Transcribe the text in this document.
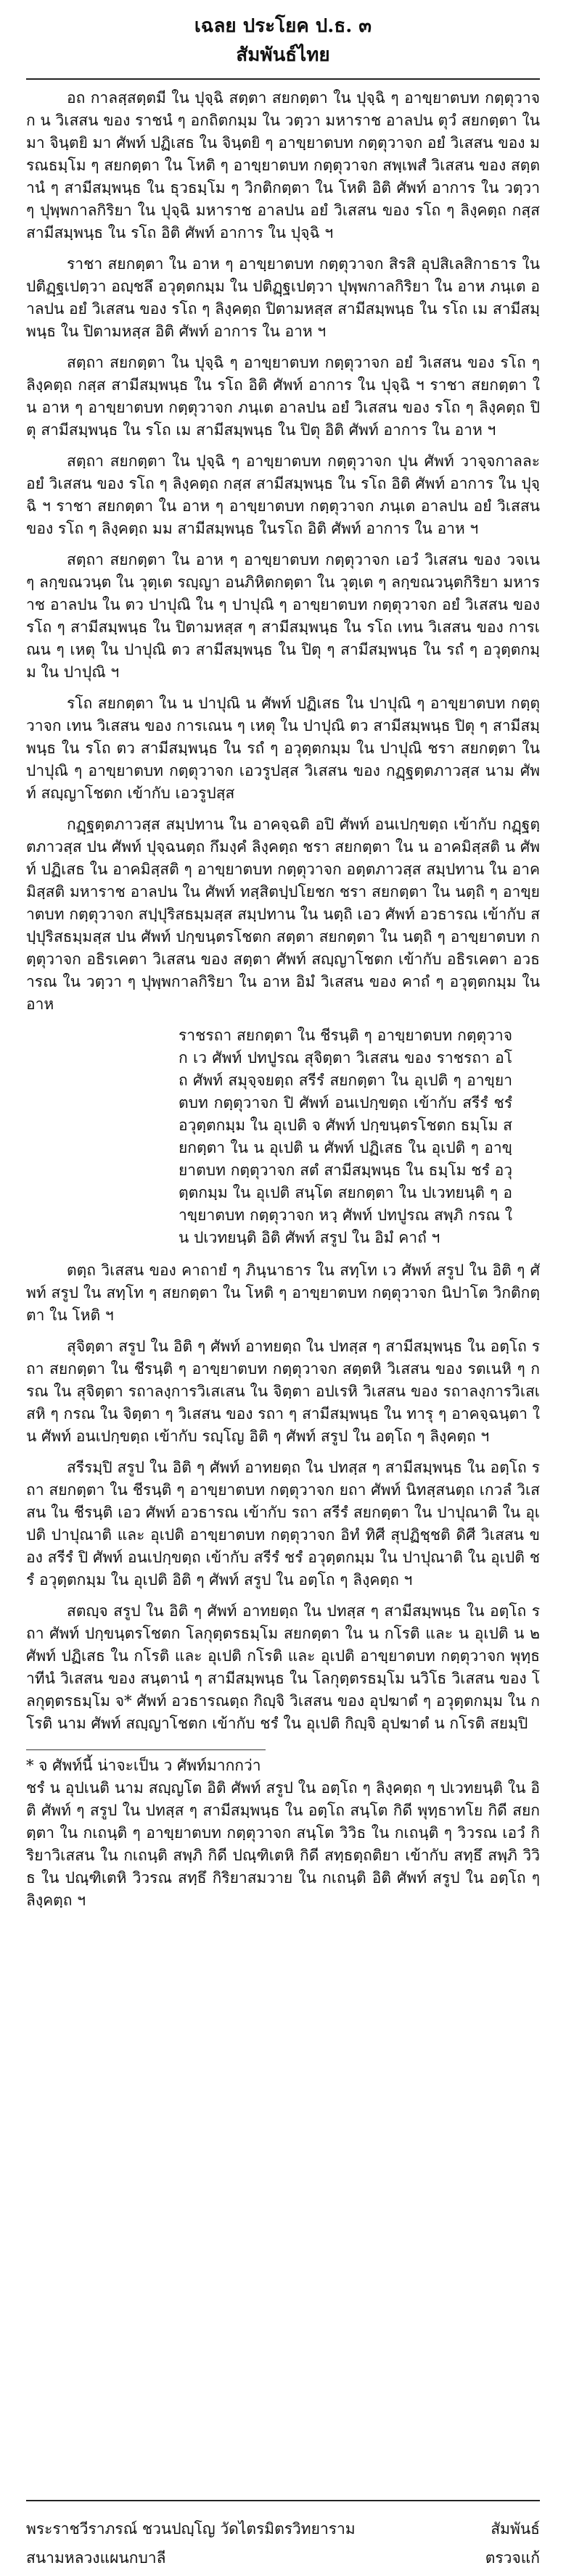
เฉลย ประโยค ป.ธ. ๓
สัมพันธ์ไทย

อถ กาลสฺสตฺตมี ใน ปุจฺฉิ สตฺตา สยกตฺตา ใน ปุจฺฉิ ๆ อาขฺยาตบท กตฺตุวาจก น วิเสสน ของ ราชนํ ๆ อกถิตกมฺม ใน วตฺวา มหาราช อาลปน ตุวํ สยกตฺตา ใน มา จินฺตยิ มา ศัพท์ ปฏิเสธ ใน จินฺตยิ ๆ อาขฺยาตบท กตฺตุวาจก อยํ วิเสสน ของ มรณธมฺโม ๆ สยกตฺตา ใน โหติ ๆ อาขฺยาตบท กตฺตุวาจก สพฺเพสํ วิเสสน ของ สตฺตานํ ๆ สามีสมฺพนฺธ ใน ธุวธมฺโม ๆ วิกติกตฺตา ใน โหติ อิติ ศัพท์ อาการ ใน วตฺวา ๆ ปุพฺพกาลกิริยา ใน ปุจฺฉิ มหาราช อาลปน อยํ วิเสสน ของ รโถ ๆ ลิงฺคตฺถ กสฺส สามีสมฺพนฺธ ใน รโถ อิติ ศัพท์ อาการ ใน ปุจฺฉิ ฯ

ราชา สยกตฺตา ใน อาห ๆ อาขฺยาตบท กตฺตุวาจก สิรสิ อุปสิเลสิกาธาร ใน ปติฏฺฐเปตฺวา อญฺชลึ อวุตฺตกมฺม ใน ปติฏฺฐเปตฺวา ปุพฺพกาลกิริยา ใน อาห ภนฺเต อาลปน อยํ วิเสสน ของ รโถ ๆ ลิงฺคตฺถ ปิตามหสฺส สามีสมฺพนฺธ ใน รโถ เม สามีสมฺพนฺธ ใน ปิตามหสฺส อิติ ศัพท์ อาการ ใน อาห ฯ

สตฺถา สยกตฺตา ใน ปุจฺฉิ ๆ อาขฺยาตบท กตฺตุวาจก อยํ วิเสสน ของ รโถ ๆ ลิงฺคตฺถ กสฺส สามีสมฺพนฺธ ใน รโถ อิติ ศัพท์ อาการ ใน ปุจฺฉิ ฯ ราชา สยกตฺตา ใน อาห ๆ อาขฺยาตบท กตฺตุวาจก ภนฺเต อาลปน อยํ วิเสสน ของ รโถ ๆ ลิงฺคตฺถ ปิตุ สามีสมฺพนฺธ ใน รโถ เม สามีสมฺพนฺธ ใน ปิตุ อิติ ศัพท์ อาการ ใน อาห ฯ

สตฺถา สยกตฺตา ใน ปุจฺฉิ ๆ อาขฺยาตบท กตฺตุวาจก ปุน ศัพท์ วาจฺจกาลละ อยํ วิเสสน ของ รโถ ๆ ลิงฺคตฺถ กสฺส สามีสมฺพนฺธ ใน รโถ อิติ ศัพท์ อาการ ใน ปุจฺฉิ ฯ ราชา สยกตฺตา ใน อาห ๆ อาขฺยาตบท กตฺตุวาจก ภนฺเต อาลปน อยํ วิเสสน ของ รโถ ๆ ลิงฺคตฺถ มม สามีสมฺพนฺธ ในรโถ อิติ ศัพท์ อาการ ใน อาห ฯ

สตฺถา สยกตฺตา ใน อาห ๆ อาขฺยาตบท กตฺตุวาจก เอวํ วิเสสน ของ วจเน ๆ ลกฺขณวนฺต ใน วุตฺเต รญฺญา อนภิหิตกตฺตา ใน วุตฺเต ๆ ลกฺขณวนฺตกิริยา มหาราช อาลปน ใน ตว ปาปุณิ ใน ๆ ปาปุณิ ๆ อาขฺยาตบท กตฺตุวาจก อยํ วิเสสน ของ รโถ ๆ สามีสมฺพนฺธ ใน ปิตามหสฺส ๆ สามีสมฺพนฺธ ใน รโถ เทน วิเสสน ของ การเณน ๆ เหตุ ใน ปาปุณิ ตว สามีสมฺพนฺธ ใน ปิตุ ๆ สามีสมฺพนฺธ ใน รถํ ๆ อวุตฺตกมฺม ใน ปาปุณิ ฯ

รโถ สยกตฺตา ใน น ปาปุณิ น ศัพท์ ปฏิเสธ ใน ปาปุณิ ๆ อาขฺยาตบท กตฺตุวาจก เทน วิเสสน ของ การเณน ๆ เหตุ ใน ปาปุณิ ตว สามีสมฺพนฺธ ปิตุ ๆ สามีสมฺพนฺธ ใน รโถ ตว สามีสมฺพนฺธ ใน รถํ ๆ อวุตฺตกมฺม ใน ปาปุณิ ชรา สยกตฺตา ใน ปาปุณิ ๆ อาขฺยาตบท กตฺตุวาจก เอวรูปสฺส วิเสสน ของ กฏฺฐตฺตภาวสฺส นาม ศัพท์ สญฺญาโชตก เข้ากับ เอวรูปสฺส

กฏฺฐตฺตภาวสฺส สมฺปทาน ใน อาคจฺฉติ อปิ ศัพท์ อนเปกฺขตฺถ เข้ากับ กฏฺฐตฺตภาวสฺส ปน ศัพท์ ปุจฺฉนตฺถ กึมงฺคํ ลิงฺคตฺถ ชรา สยกตฺตา ใน น อาคมิสฺสติ น ศัพท์ ปฏิเสธ ใน อาคมิสฺสติ ๆ อาขฺยาตบท กตฺตุวาจก อตฺตภาวสฺส สมฺปทาน ใน อาคมิสฺสติ มหาราช อาลปน ใน ศัพท์ ทสฺสิตปฺปโยชก ชรา สยกตฺตา ใน นตฺถิ ๆ อาขฺยาตบท กตฺตุวาจก สปฺปุริสธมฺมสฺส สมฺปทาน ใน นตฺถิ เอว ศัพท์ อวธารณ เข้ากับ สปฺปุริสธมฺมสฺส ปน ศัพท์ ปกฺขนฺตรโชตก สตฺตา สยกตฺตา ใน นตฺถิ ๆ อาขฺยาตบท กตฺตุวาจก อธิรเคตา วิเสสน ของ สตฺตา ศัพท์ สญฺญาโชตก เข้ากับ อธิรเคตา อวธารณ ใน วตฺวา ๆ ปุพฺพกาลกิริยา ใน อาห อิมํ วิเสสน ของ คาถํ ๆ อวุตฺตกมฺม ใน อาห

ราชรถา สยกตฺตา ใน ชีรนฺติ ๆ อาขฺยาตบท กตฺตุวาจก เว ศัพท์ ปทปูรณ สุจิตฺตา วิเสสน ของ ราชรถา อโถ ศัพท์ สมุจฺจยตฺถ สรีรํ สยกตฺตา ใน อุเปติ ๆ อาขฺยาตบท กตฺตุวาจก ปิ ศัพท์ อนเปกฺขตฺถ เข้ากับ สรีรํ ชรํ อวุตฺตกมฺม ใน อุเปติ จ ศัพท์ ปกฺขนฺตรโชตก ธมฺโม สยกตฺตา ใน น อุเปติ น ศัพท์ ปฏิเสธ ใน อุเปติ ๆ อาขฺยาตบท กตฺตุวาจก สตํ สามีสมฺพนฺธ ใน ธมฺโม ชรํ อวุตฺตกมฺม ใน อุเปติ สนฺโต สยกตฺตา ใน ปเวทยนฺติ ๆ อาขฺยาตบท กตฺตุวาจก หวฺ ศัพท์ ปทปูรณ สพฺภิ กรณ ใน ปเวทยนฺติ อิติ ศัพท์ สรูป ใน อิมํ คาถํ ฯ

ตตฺถ วิเสสน ของ คาถายํ ๆ ภินฺนาธาร ใน สทฺโท เว ศัพท์ สรูป ใน อิติ ๆ ศัพท์ สรูป ใน สทฺโท ๆ สยกตฺตา ใน โหติ ๆ อาขฺยาตบท กตฺตุวาจก นิปาโต วิกติกตฺตา ใน โหติ ฯ

สุจิตฺตา สรูป ใน อิติ ๆ ศัพท์ อาทยตฺถ ใน ปทสฺส ๆ สามีสมฺพนฺธ ใน อตฺโถ รถา สยกตฺตา ใน ชีรนฺติ ๆ อาขฺยาตบท กตฺตุวาจก สตฺตหิ วิเสสน ของ รตเนหิ ๆ กรณ ใน สุจิตฺตา รถาลงฺการวิเสเสน ใน จิตฺตา อปเรหิ วิเสสน ของ รถาลงฺการวิเสเสหิ ๆ กรณ ใน จิตฺตา ๆ วิเสสน ของ รถา ๆ สามีสมฺพนฺธ ใน ทารุ ๆ อาคจฺฉนฺตา ใน ศัพท์ อนเปกฺขตฺถ เข้ากับ รญฺโญ อิติ ๆ ศัพท์ สรูป ใน อตฺโถ ๆ ลิงฺคตฺถ ฯ

สรีรมฺปิ สรูป ใน อิติ ๆ ศัพท์ อาทยตฺถ ใน ปทสฺส ๆ สามีสมฺพนฺธ ใน อตฺโถ รถา สยกตฺตา ใน ชีรนฺติ ๆ อาขฺยาตบท กตฺตุวาจก ยถา ศัพท์ นิทสฺสนตฺถ เกวลํ วิเสสน ใน ชีรนฺติ เอว ศัพท์ อวธารณ เข้ากับ รถา สรีรํ สยกตฺตา ใน ปาปุณาติ ใน อุเปติ ปาปุณาติ และ อุเปติ อาขฺยาตบท กตฺตุวาจก อิทํ ทิศี สุปฏิชฺชติ ดิศี วิเสสน ของ สรีรํ ปิ ศัพท์ อนเปกฺขตฺถ เข้ากับ สรีรํ ชรํ อวุตฺตกมฺม ใน ปาปุณาติ ใน อุเปติ ชรํ อวุตฺตกมฺม ใน อุเปติ อิติ ๆ ศัพท์ สรูป ใน อตฺโถ ๆ ลิงฺคตฺถ ฯ

สตญฺจ สรูป ใน อิติ ๆ ศัพท์ อาทยตฺถ ใน ปทสฺส ๆ สามีสมฺพนฺธ ใน อตฺโถ รถา ศัพท์ ปกฺขนฺตรโชตก โลกุตฺตรธมฺโม สยกตฺตา ใน น กโรติ และ น อุเปติ น ๒ ศัพท์ ปฏิเสธ ใน กโรติ และ อุเปติ กโรติ และ อุเปติ อาขฺยาตบท กตฺตุวาจก พุทฺธาทีนํ วิเสสน ของ สนฺตานํ ๆ สามีสมฺพนฺธ ใน โลกุตฺตรธมฺโม นวิโธ วิเสสน ของ โลกุตฺตรธมฺโม จ* ศัพท์ อวธารณตฺถ กิญฺจิ วิเสสน ของ อุปฆาตํ ๆ อวุตฺตกมฺม ใน กโรติ นาม ศัพท์ สญฺญาโชตก เข้ากับ ชรํ ใน อุเปติ กิญฺจิ อุปฆาตํ น กโรติ สยมฺปิ

* จ ศัพท์นี้ น่าจะเป็น ว ศัพท์มากกว่า

ชรํ น อุปเนติ นาม สญฺญโต อิติ ศัพท์ สรูป ใน อตฺโถ ๆ ลิงฺคตฺถ ๆ ปเวทยนฺติ ใน อิติ ศัพท์ ๆ สรูป ใน ปทสฺส ๆ สามีสมฺพนฺธ ใน อตฺโถ สนฺโต กิดี พุทฺธาทโย กิดี สยกตฺตา ใน กเถนฺติ ๆ อาขฺยาตบท กตฺตุวาจก สนฺโต วิวิธ ใน กเถนฺติ ๆ วิวรณ เอวํ กิริยาวิเสสน ใน กเถนฺติ สพฺภิ กิดี ปณฺฑิเตหิ กิดี สทฺธตฺถติยา เข้ากับ สทฺธึ สพฺภิ วิวิธ ใน ปณฺฑิเตหิ วิวรณ สทฺธึ กิริยาสมวาย ใน กเถนฺติ อิติ ศัพท์ สรูป ใน อตฺโถ ๆ ลิงฺคตฺถ ฯ

พระราชวีราภรณ์ ชวนปญฺโญ วัดไตรมิตรวิทยาราม	สัมพันธ์
สนามหลวงแผนกบาลี	ตรวจแก้
